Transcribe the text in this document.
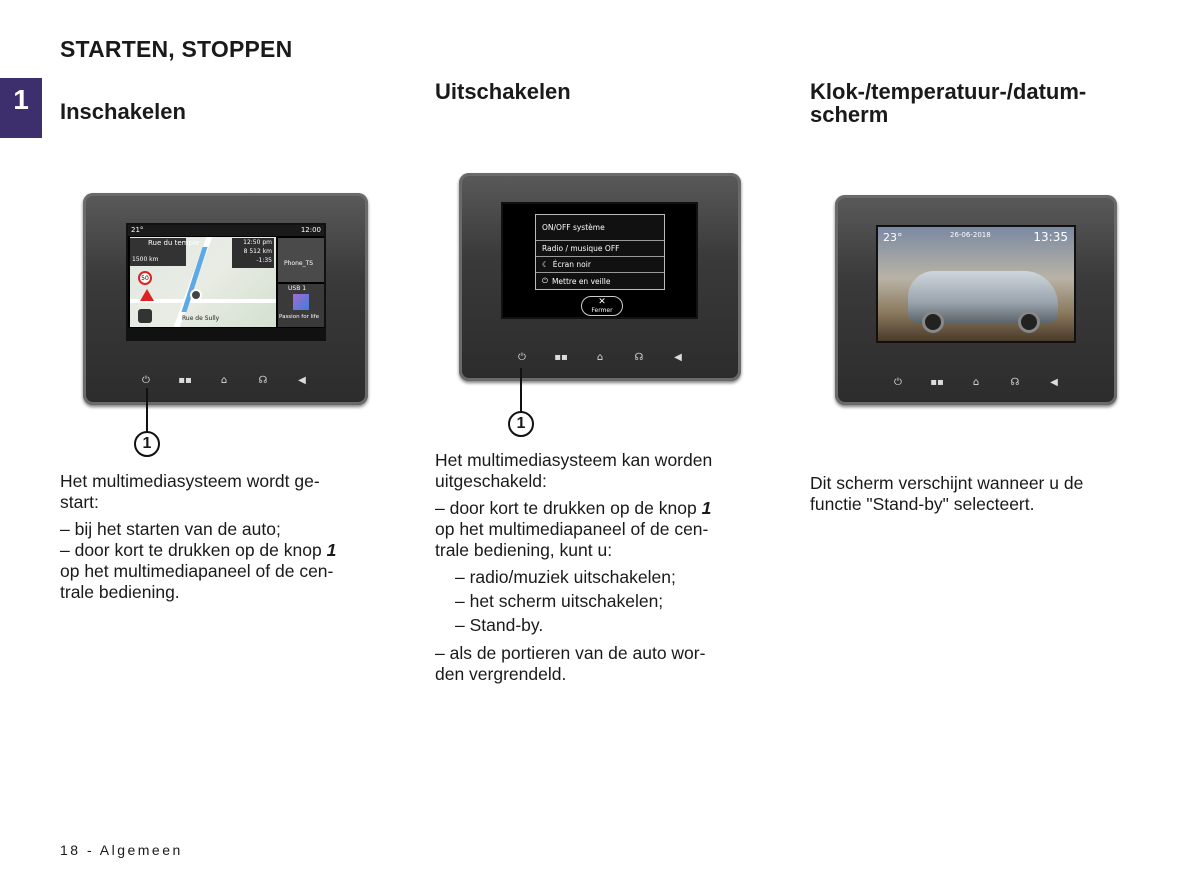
STARTEN, STOPPEN
1	Inschakelen
21°	12:00
Rue de Sully
50
Rue du temple
1500 km
12:50 pm
8 512 km
-1:35 Phone_TS
USB 1
Passion for life
⏻	▪▪	⌂	☊	◀
1

Het multimediasysteem wordt ge-

start:

– bij het starten van de auto;

– door kort te drukken op de knop 1

op het multimediapaneel of de cen-

trale bediening.

Uitschakelen
ON/OFF système
Radio / musique OFF
☾ Écran noir
⏻ Mettre en veille
✕
Fermer
⏻	▪▪	⌂	☊	◀
1

Het multimediasysteem kan worden

uitgeschakeld:

– door kort te drukken op de knop 1

op het multimediapaneel of de cen-

trale bediening, kunt u:

– radio/muziek uitschakelen;

– het scherm uitschakelen;

– Stand-by.

– als de portieren van de auto wor-

den vergrendeld.

Klok-/temperatuur-/datum-
scherm
23°	26-06-2018	13:35
⏻	▪▪	⌂	☊	◀

Dit scherm verschijnt wanneer u de

functie "Stand-by" selecteert.

18 - Algemeen
